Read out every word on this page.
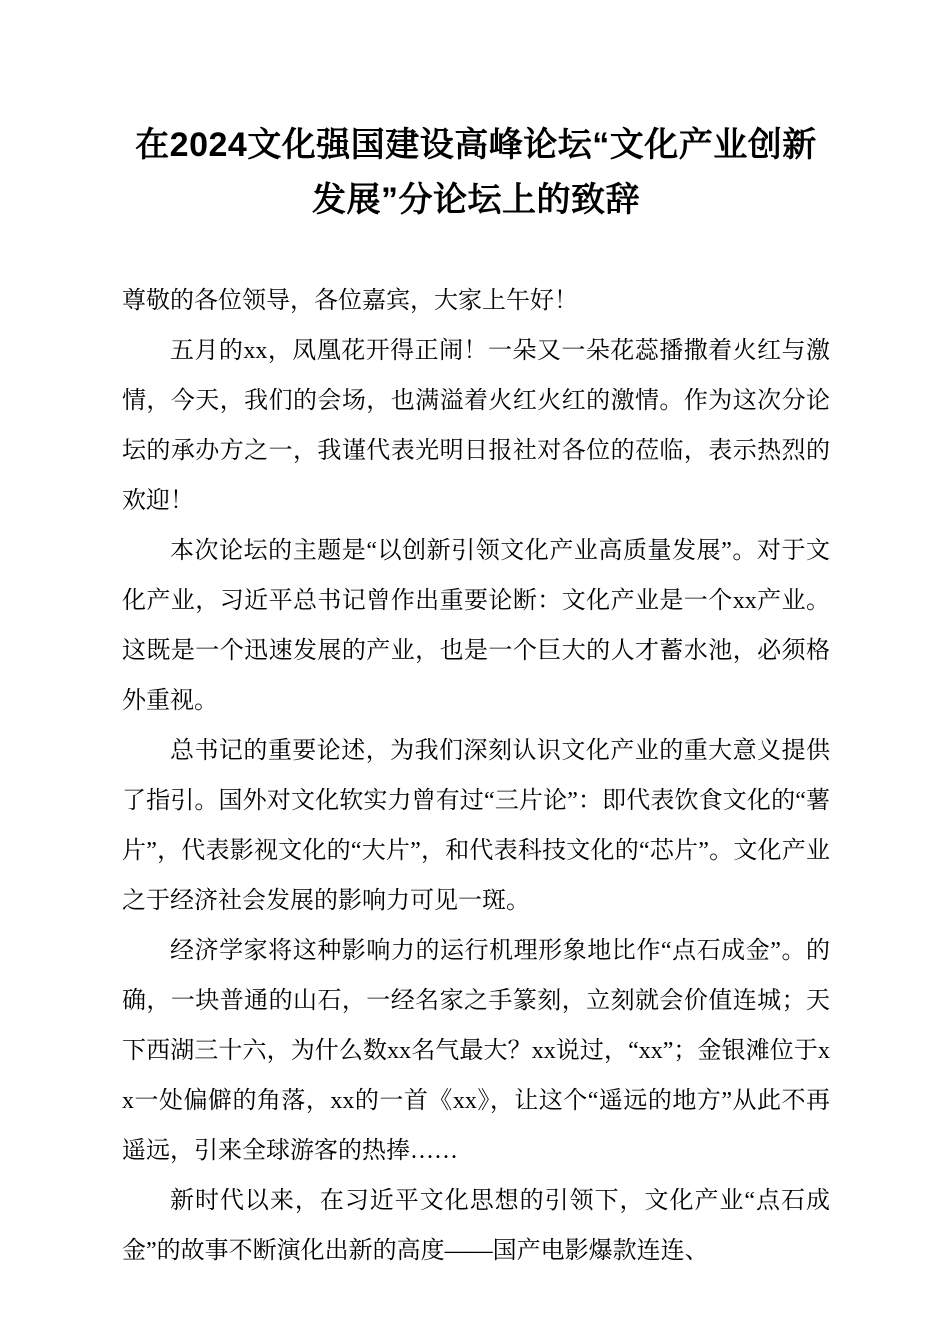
在2024文化强国建设高峰论坛“文化产业创新发展”分论坛上的致辞

尊敬的各位领导，各位嘉宾，大家上午好！

五月的xx，凤凰花开得正闹！一朵又一朵花蕊播撒着火红与激情，今天，我们的会场，也满溢着火红火红的激情。作为这次分论坛的承办方之一，我谨代表光明日报社对各位的莅临，表示热烈的欢迎！

本次论坛的主题是“以创新引领文化产业高质量发展”。对于文化产业，习近平总书记曾作出重要论断：文化产业是一个xx产业。这既是一个迅速发展的产业，也是一个巨大的人才蓄水池，必须格外重视。

总书记的重要论述，为我们深刻认识文化产业的重大意义提供了指引。国外对文化软实力曾有过“三片论”：即代表饮食文化的“薯片”，代表影视文化的“大片”，和代表科技文化的“芯片”。文化产业之于经济社会发展的影响力可见一斑。

经济学家将这种影响力的运行机理形象地比作“点石成金”。的确，一块普通的山石，一经名家之手篆刻，立刻就会价值连城；天下西湖三十六，为什么数xx名气最大？xx说过，“xx”；金银滩位于xx一处偏僻的角落，xx的一首《xx》，让这个“遥远的地方”从此不再遥远，引来全球游客的热捧……

新时代以来，在习近平文化思想的引领下，文化产业“点石成金”的故事不断演化出新的高度——国产电影爆款连连、
